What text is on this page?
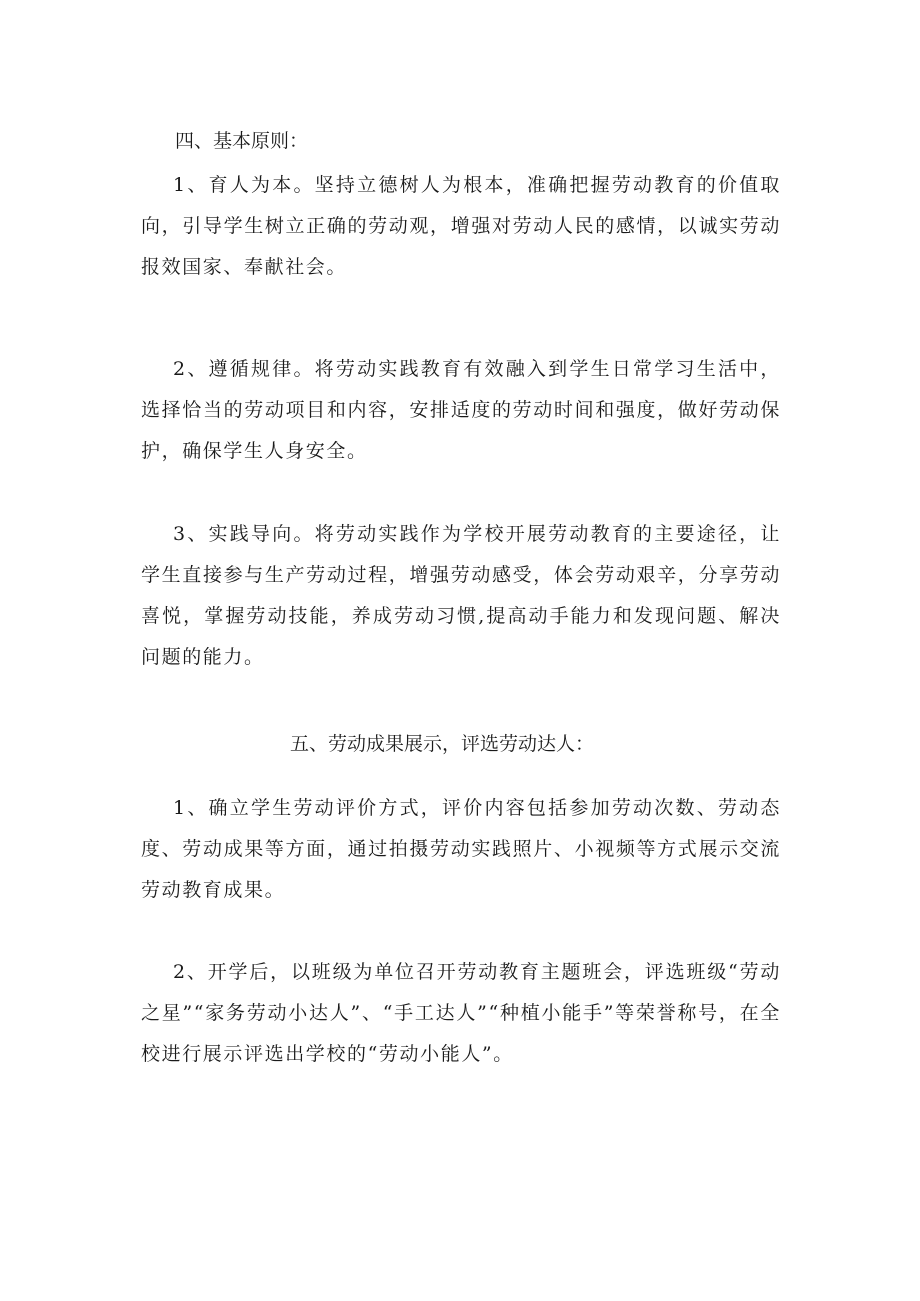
四、基本原则：

1、育人为本。坚持立德树人为根本，准确把握劳动教育的价值取向，引导学生树立正确的劳动观，增强对劳动人民的感情，以诚实劳动报效国家、奉献社会。

2、遵循规律。将劳动实践教育有效融入到学生日常学习生活中，选择恰当的劳动项目和内容，安排适度的劳动时间和强度，做好劳动保护，确保学生人身安全。

3、实践导向。将劳动实践作为学校开展劳动教育的主要途径，让学生直接参与生产劳动过程，增强劳动感受，体会劳动艰辛，分享劳动喜悦，掌握劳动技能，养成劳动习惯,提高动手能力和发现问题、解决问题的能力。

五、劳动成果展示，评选劳动达人：

1、确立学生劳动评价方式，评价内容包括参加劳动次数、劳动态度、劳动成果等方面，通过拍摄劳动实践照片、小视频等方式展示交流劳动教育成果。

2、开学后，以班级为单位召开劳动教育主题班会，评选班级“劳动之星”“家务劳动小达人”、“手工达人”“种植小能手”等荣誉称号，在全校进行展示评选出学校的“劳动小能人”。
